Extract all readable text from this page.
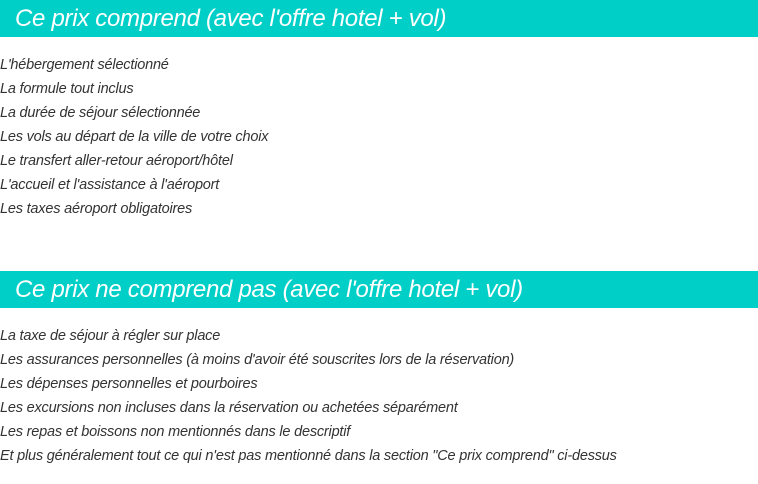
Ce prix comprend (avec l'offre hotel + vol)
L'hébergement sélectionné
La formule tout inclus
La durée de séjour sélectionnée
Les vols au départ de la ville de votre choix
Le transfert aller-retour aéroport/hôtel
L'accueil et l'assistance à l'aéroport
Les taxes aéroport obligatoires
Ce prix ne comprend pas (avec l'offre hotel + vol)
La taxe de séjour à régler sur place
Les assurances personnelles (à moins d'avoir été souscrites lors de la réservation)
Les dépenses personnelles et pourboires
Les excursions non incluses dans la réservation ou achetées séparément
Les repas et boissons non mentionnés dans le descriptif
Et plus généralement tout ce qui n'est pas mentionné dans la section "Ce prix comprend" ci-dessus
